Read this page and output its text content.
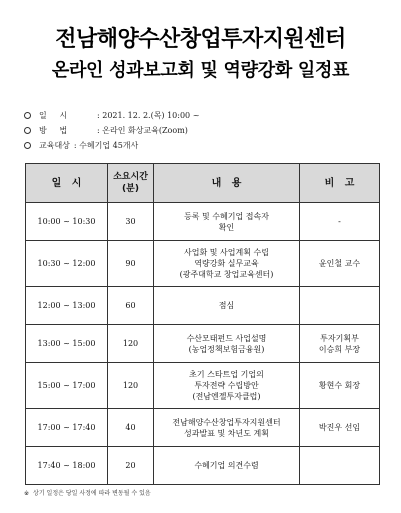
전남해양수산창업투자지원센터
온라인 성과보고회 및 역량강화 일정표
일     시	: 2021. 12. 2.(목) 10:00 ~
방     법	: 온라인 화상교육(Zoom)
교육대상 : 수혜기업 45개사
일   시	소요시간
(분)	내   용	비   고
10:00 ~ 10:30	30	등록 및 수혜기업 접속자
확인	-
10:30 ~ 12:00	90	사업화 및 사업계획 수립
역량강화 실무교육
(광주대학교 창업교육센터)	윤인철 교수
12:00 ~ 13:00	60	점심	
13:00 ~ 15:00	120	수산모태펀드 사업설명
(농업정책보험금융원)	투자기획부
이승희 부장
15:00 ~ 17:00	120	초기 스타트업 기업의
투자전략 수립방안
(전남엔젤투자클럽)	황현수 회장
17:00 ~ 17:40	40	전남해양수산창업투자지원센터
성과발표 및 차년도 계획	박진우 선임
17:40 ~ 18:00	20	수혜기업 의견수렴	
※ 상기 일정은 당일 사정에 따라 변동될 수 있음
